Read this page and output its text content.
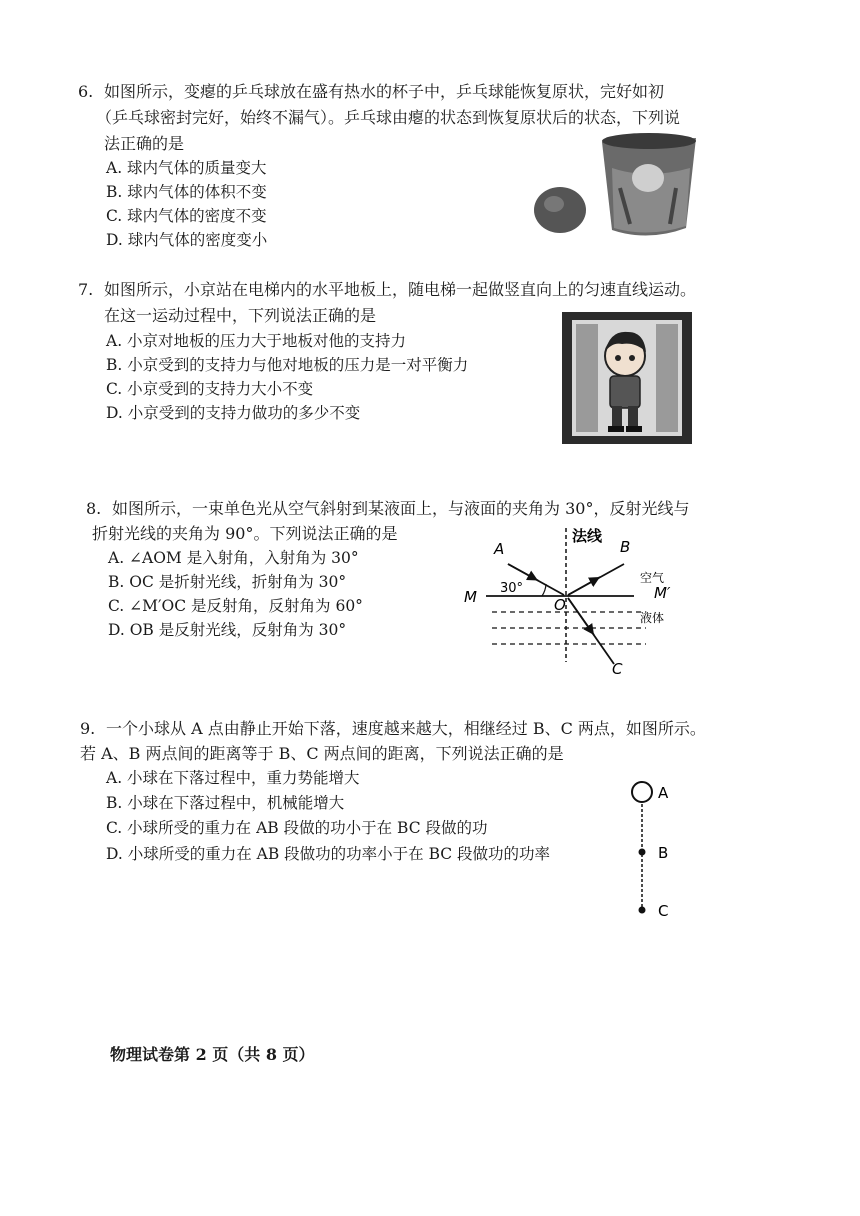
6. 如图所示，变瘪的乒乓球放在盛有热水的杯子中，乒乓球能恢复原状，完好如初
（乒乓球密封完好，始终不漏气）。乒乓球由瘪的状态到恢复原状后的状态，下列说
法正确的是
A. 球内气体的质量变大
B. 球内气体的体积不变
C. 球内气体的密度不变
D. 球内气体的密度变小
7. 如图所示，小京站在电梯内的水平地板上，随电梯一起做竖直向上的匀速直线运动。
在这一运动过程中，下列说法正确的是
A. 小京对地板的压力大于地板对他的支持力
B. 小京受到的支持力与他对地板的压力是一对平衡力
C. 小京受到的支持力大小不变
D. 小京受到的支持力做功的多少不变
8. 如图所示，一束单色光从空气斜射到某液面上，与液面的夹角为 30°，反射光线与
折射光线的夹角为 90°。下列说法正确的是
A. ∠AOM 是入射角，入射角为 30°
B. OC 是折射光线，折射角为 30°
C. ∠M′OC 是反射角，反射角为 60°
D. OB 是反射光线，反射角为 30°
法线
A	B
C
M	M′
O
30°
空气
液体
9. 一个小球从 A 点由静止开始下落，速度越来越大，相继经过 B、C 两点，如图所示。
若 A、B 两点间的距离等于 B、C 两点间的距离，下列说法正确的是
A. 小球在下落过程中，重力势能增大
B. 小球在下落过程中，机械能增大
C. 小球所受的重力在 AB 段做的功小于在 BC 段做的功
D. 小球所受的重力在 AB 段做功的功率小于在 BC 段做功的功率
A
B
C
物理试卷第 2 页（共 8 页）
